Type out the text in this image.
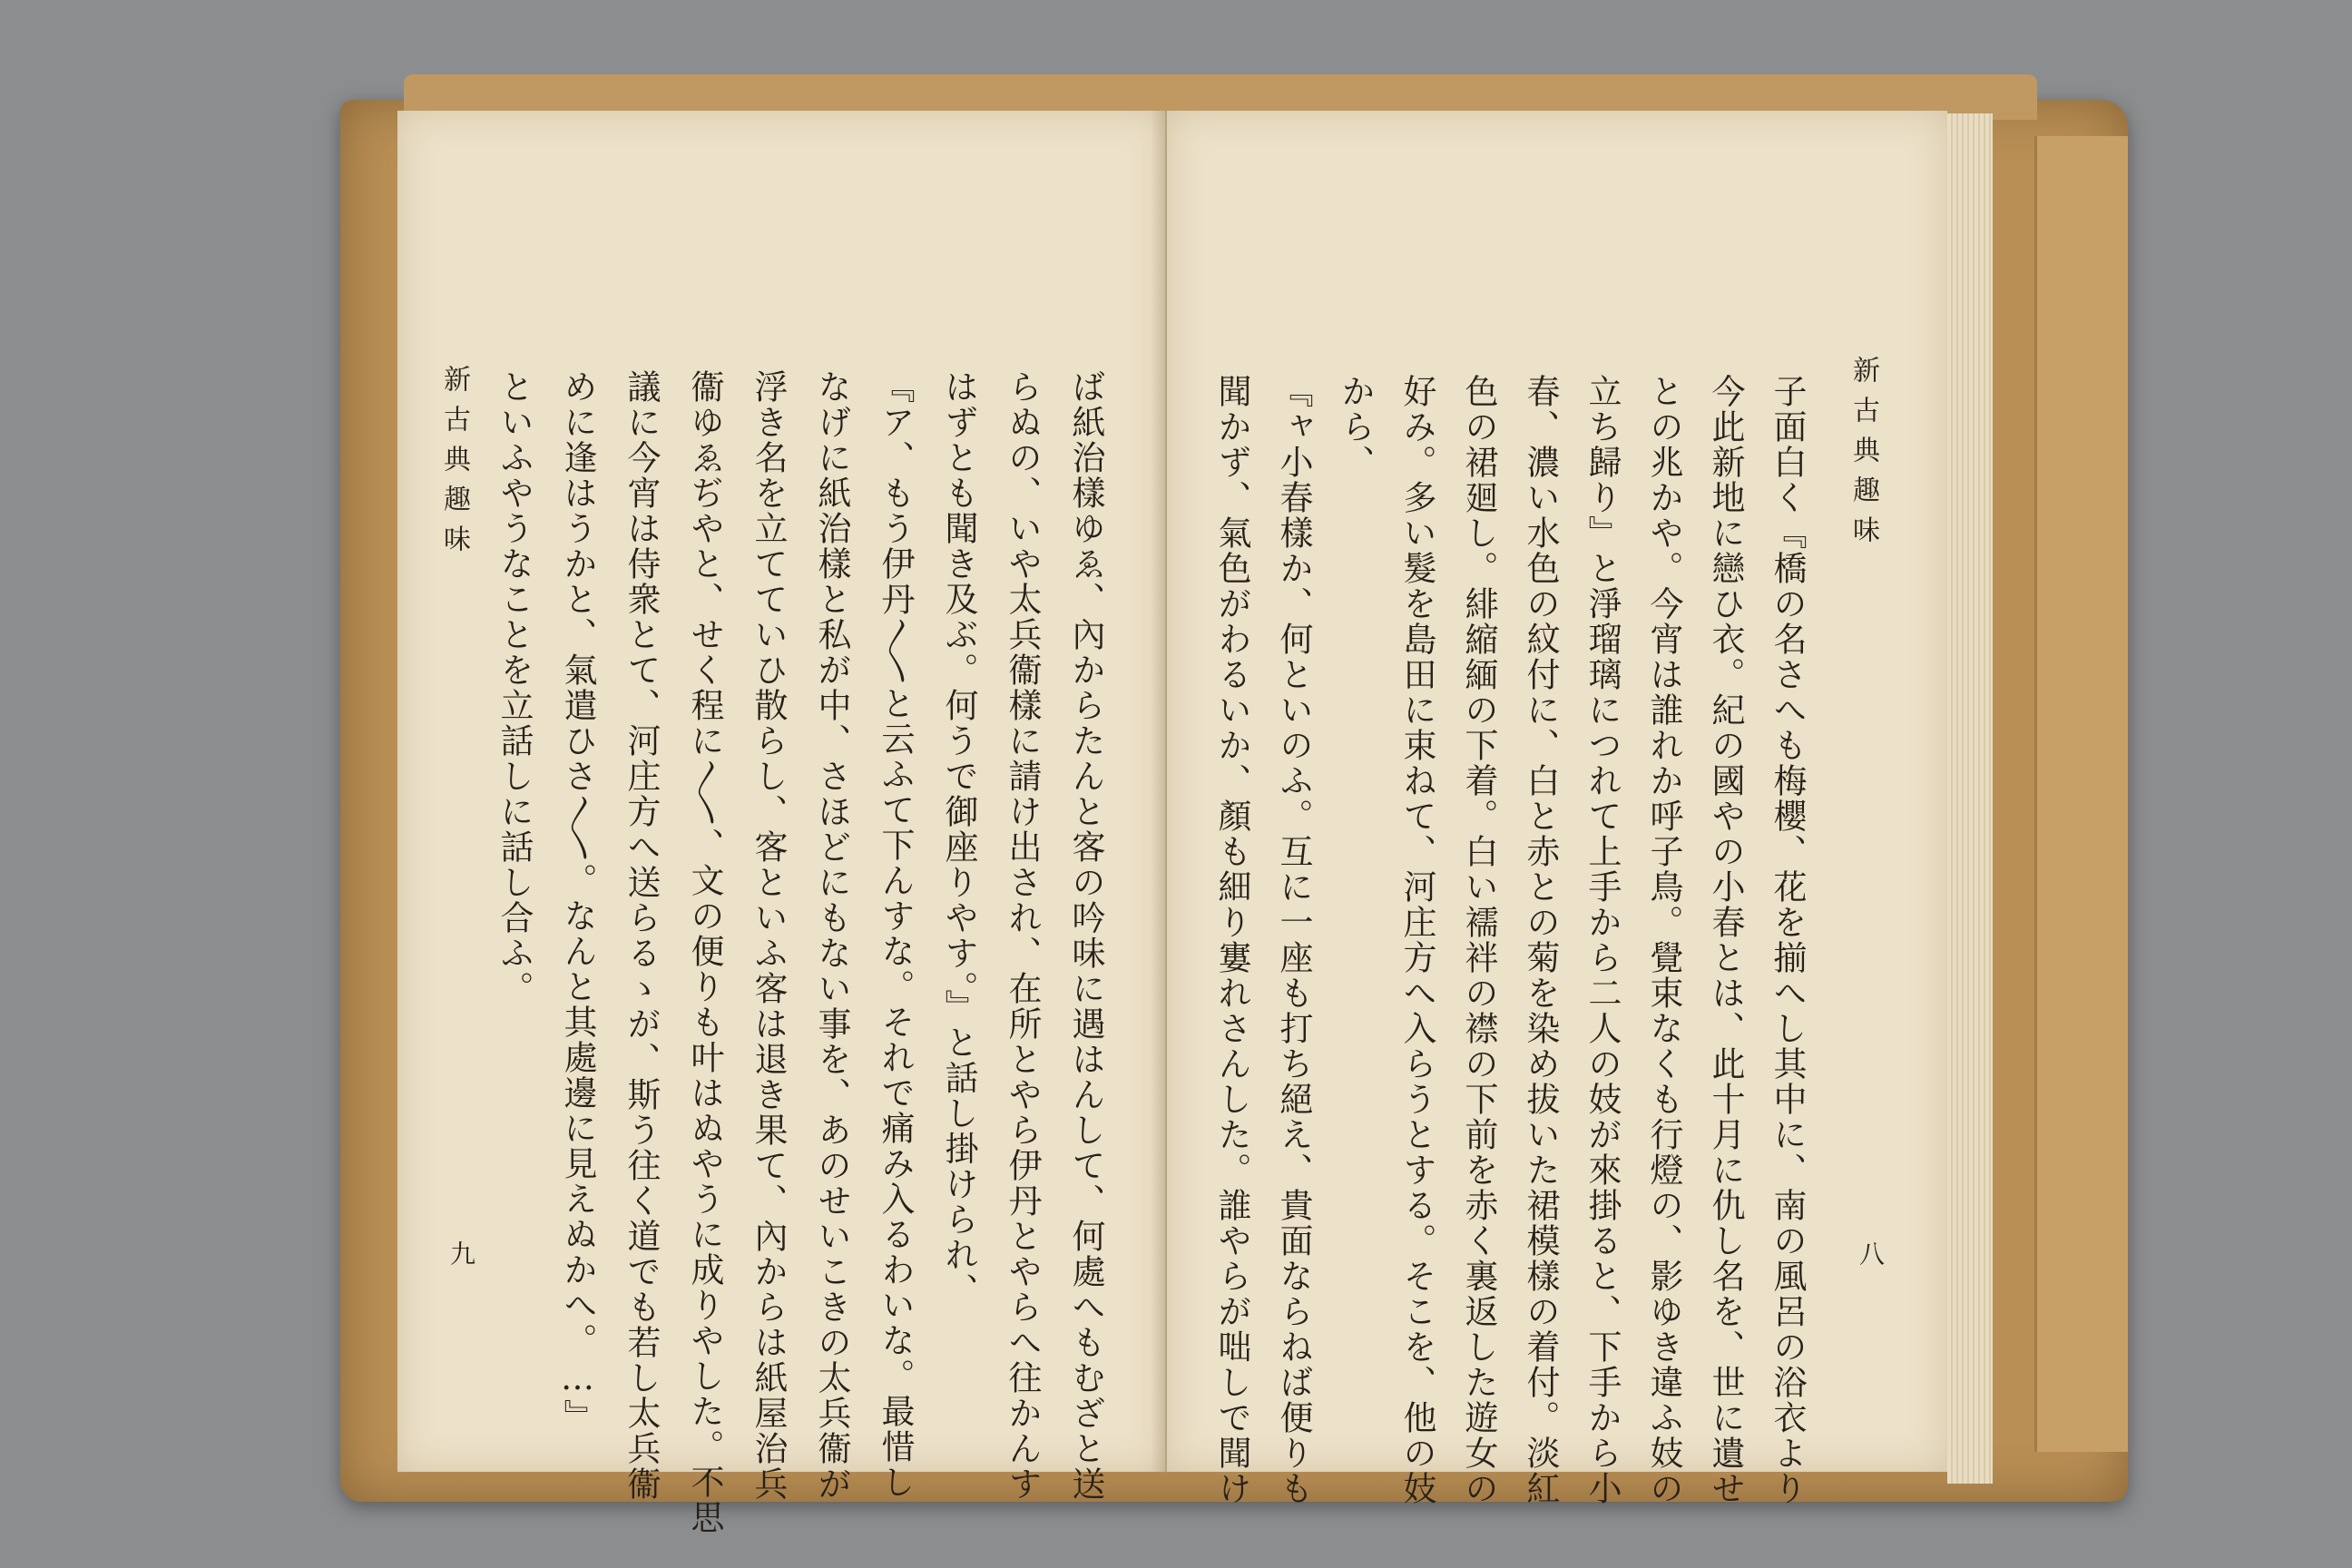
新古典趣味
九	ば紙治樣ゆゑ、內からたんと客の吟味に遇はんして、何處へもむざと送
らぬの、いや太兵衞樣に請け出され、在所とやら伊丹とやらへ往かんす
はずとも聞き及ぶ。何うで御座りやす。』と話し掛けられ、
『ア、もう伊丹〳〵と云ふて下んすな。それで痛み入るわいな。最惜し
なげに紙治樣と私が中、さほどにもない事を、あのせいこきの太兵衞が
浮き名を立てていひ散らし、客といふ客は退き果て、內からは紙屋治兵
衞ゆゑぢやと、せく程に〳〵、文の便りも叶はぬやうに成りやした。不思
議に今宵は侍衆とて、河庄方へ送らるゝが、斯う往く道でも若し太兵衞
めに逢はうかと、氣遣ひさ〳〵。なんと其處邊に見えぬかへ。…』
といふやうなことを立話しに話し合ふ。	新古典趣味
八
子面白く『橋の名さへも梅櫻、花を揃へし其中に、南の風呂の浴衣より
今此新地に戀ひ衣。紀の國やの小春とは、此十月に仇し名を、世に遺せ
との兆かや。今宵は誰れか呼子鳥。覺束なくも行燈の、影ゆき違ふ妓の
立ち歸り』と淨瑠璃につれて上手から二人の妓が來掛ると、下手から小
春、濃い水色の紋付に、白と赤との菊を染め拔いた裙模樣の着付。淡紅
色の裙廻し。緋縮緬の下着。白い襦袢の襟の下前を赤く裏返した遊女の
好み。多い髮を島田に束ねて、河庄方へ入らうとする。そこを、他の妓
から、
『ャ小春樣か、何といのふ。互に一座も打ち絕え、貴面ならねば便りも
聞かず、氣色がわるいか、顏も細り寠れさんした。誰やらが咄しで聞け
